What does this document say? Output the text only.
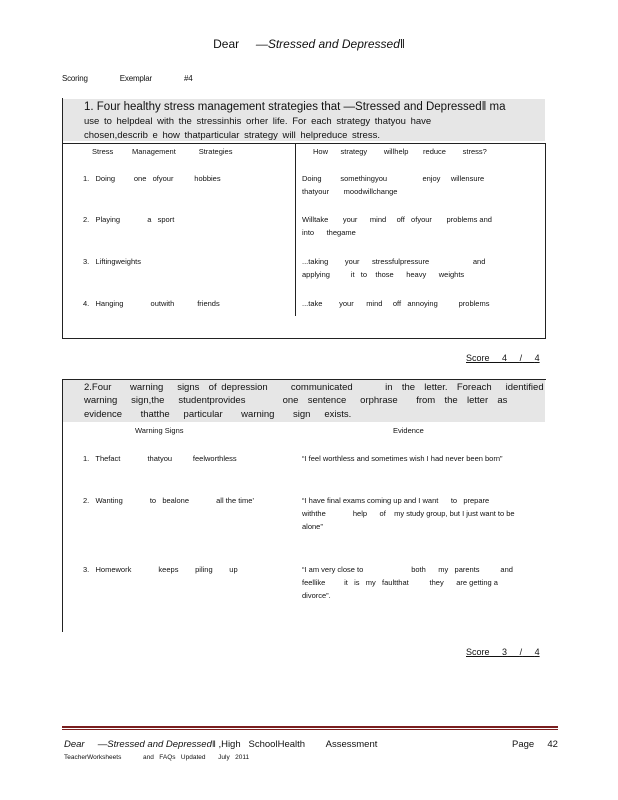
Dear ―Stressed and Depressed‖
Scoring	Exemplar	#4
1. Four healthy stress management strategies that ―Stressed and Depressed‖ ma
use to helpdeal with the stressinhis orher life. For each strategy thatyou have
chosen,describ e how thatparticular strategy will helpreduce stress.
Stress         Management           Strategies	How      strategy        willhelp       reduce        stress?
1.   Doing         one   ofyour          hobbies	Doing         somethingyou                 enjoy     willensure thatyour       moodwillchange
2.   Playing             a   sport	Willtake       your      mind     off   ofyour       problems and     into      thegame
3.   Liftingweights	...taking        your      stressfulpressure                     and applying          it   to    those      heavy      weights
4.   Hanging             outwith           friends	...take        your      mind     off   annoying          problems
Score 4 / 4
2.Four    warning   signs  of depression     communicated       in  the  letter.  Foreach   identified
warning   sign,the   studentprovides        one  sentence   orphrase    from  the  letter  as
evidence    thatthe   particular    warning    sign   exists.
Warning Signs	Evidence
1.   Thefact             thatyou          feelworthless	“I feel worthless and sometimes wish I had never been born”
2.   Wanting             to   bealone             all the time’	“I have final exams coming up and I want      to   prepare          withthe             help      of    my study group, but I just want to be alone”
3.   Homework             keeps        piling        up	“I am very close to                       both      my   parents          and feellike         it   is   my   faultthat          they      are getting a divorce”.
Score 3 / 4
Dear ―Stressed and Depressed‖ ,High   SchoolHealth        Assessment	Page 42
TeacherWorksheets            and   FAQs   Updated       July   2011
